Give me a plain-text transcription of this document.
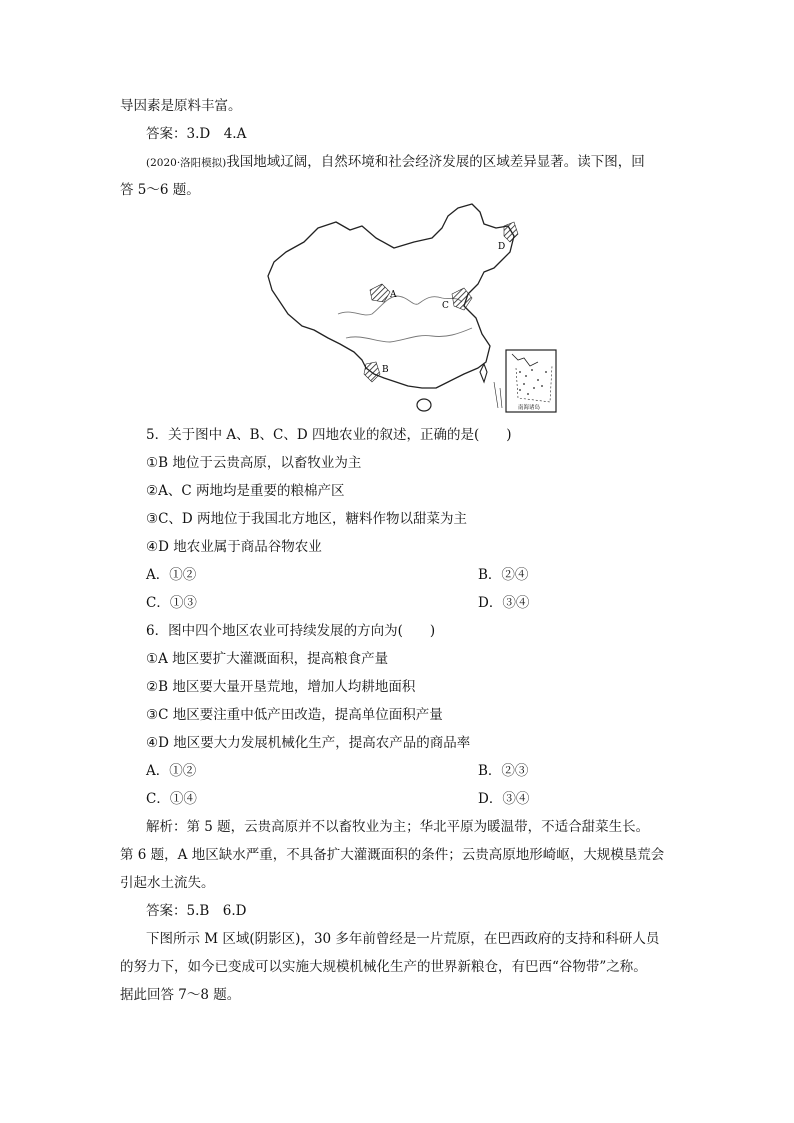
导因素是原料丰富。
答案：3.D　4.A
(2020·洛阳模拟)我国地域辽阔，自然环境和社会经济发展的区域差异显著。读下图，回
答 5～6 题。
A
B
C
D
南海诸岛
5．关于图中 A、B、C、D 四地农业的叙述，正确的是(　　)
①B 地位于云贵高原，以畜牧业为主
②A、C 两地均是重要的粮棉产区
③C、D 两地位于我国北方地区，糖料作物以甜菜为主
④D 地农业属于商品谷物农业
A．①②	B．②④
C．①③	D．③④
6．图中四个地区农业可持续发展的方向为(　　)
①A 地区要扩大灌溉面积，提高粮食产量
②B 地区要大量开垦荒地，增加人均耕地面积
③C 地区要注重中低产田改造，提高单位面积产量
④D 地区要大力发展机械化生产，提高农产品的商品率
A．①②	B．②③
C．①④	D．③④
解析：第 5 题，云贵高原并不以畜牧业为主；华北平原为暖温带，不适合甜菜生长。
第 6 题，A 地区缺水严重，不具备扩大灌溉面积的条件；云贵高原地形崎岖，大规模垦荒会
引起水土流失。
答案：5.B　6.D
下图所示 M 区域(阴影区)，30 多年前曾经是一片荒原，在巴西政府的支持和科研人员
的努力下，如今已变成可以实施大规模机械化生产的世界新粮仓，有巴西“谷物带”之称。
据此回答 7～8 题。
